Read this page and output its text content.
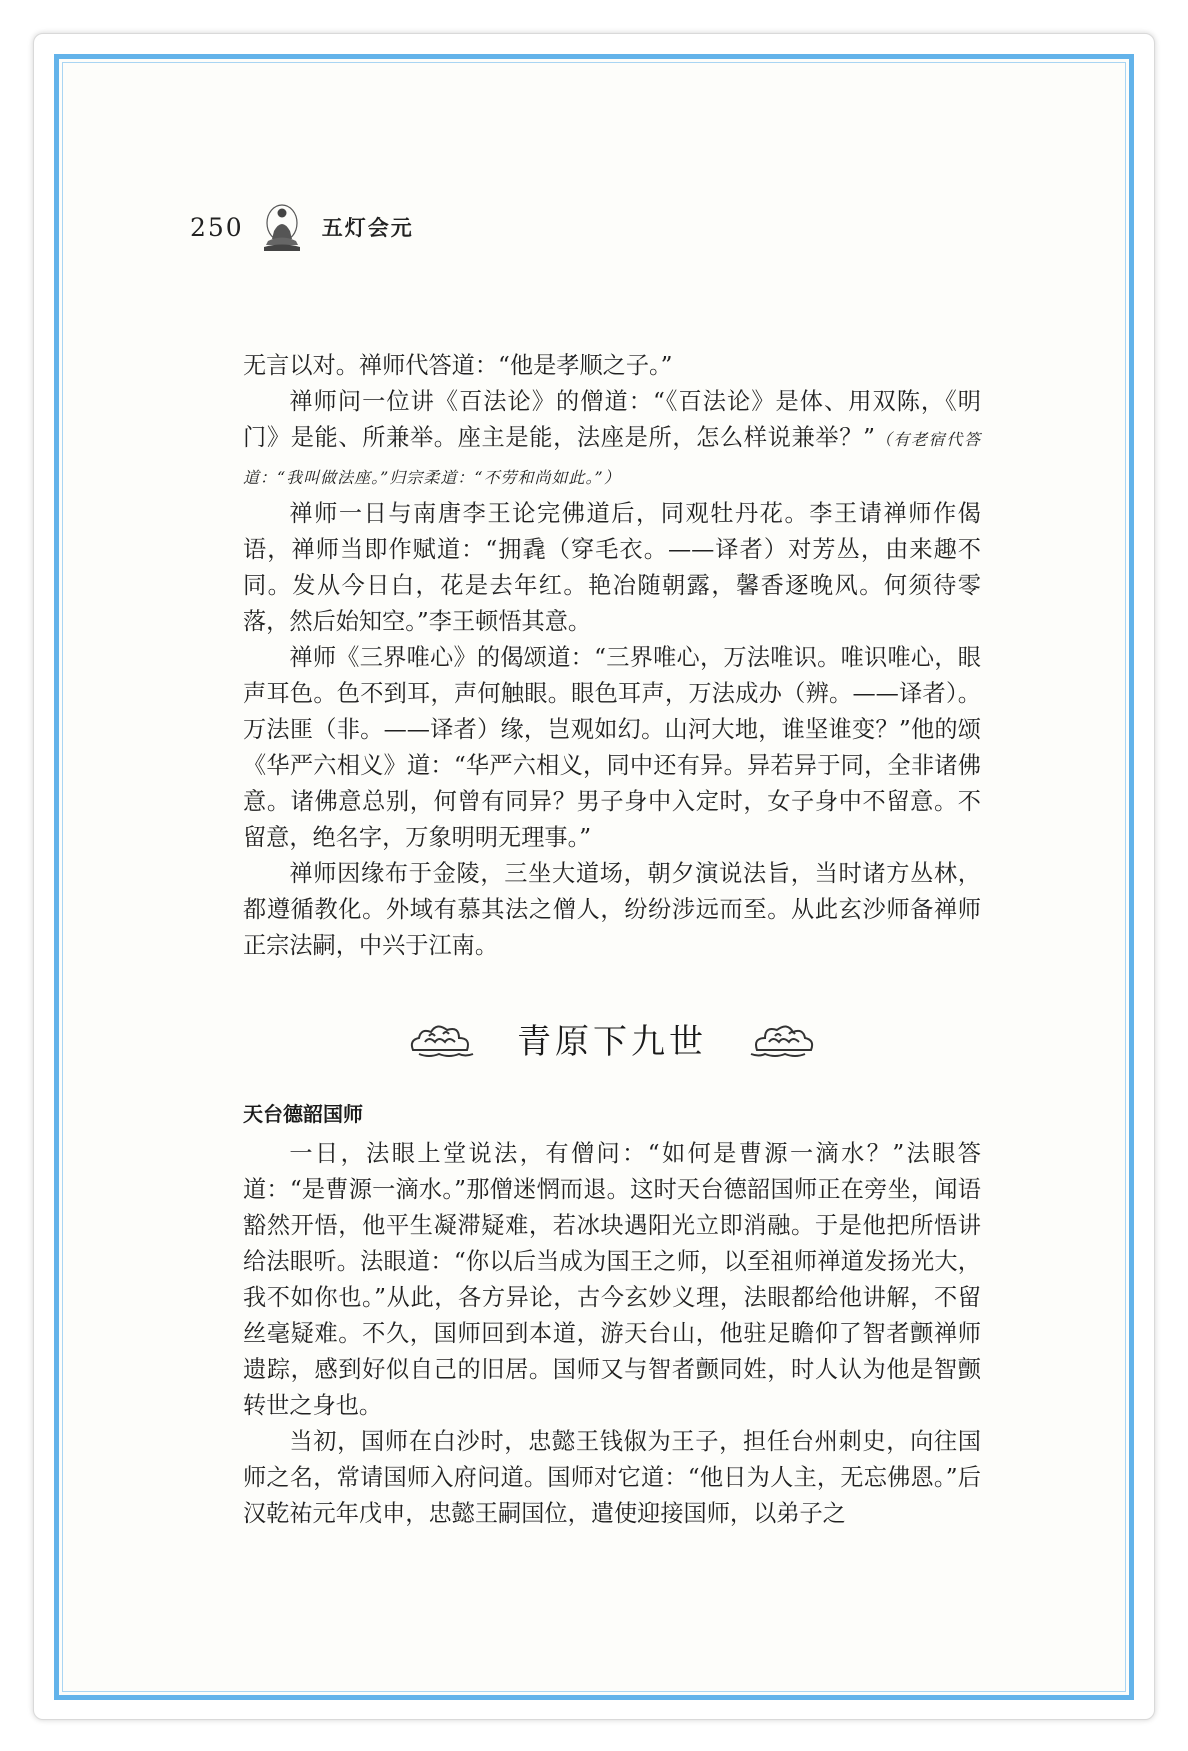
250	五灯会元

无言以对。禅师代答道：“他是孝顺之子。”

禅师问一位讲《百法论》的僧道：“《百法论》是体、用双陈，《明门》是能、所兼举。座主是能，法座是所，怎么样说兼举？”（有老宿代答道：“我叫做法座。”归宗柔道：“不劳和尚如此。”）

禅师一日与南唐李王论完佛道后，同观牡丹花。李王请禅师作偈语，禅师当即作赋道：“拥毳（穿毛衣。——译者）对芳丛，由来趣不同。发从今日白，花是去年红。艳冶随朝露，馨香逐晚风。何须待零落，然后始知空。”李王顿悟其意。

禅师《三界唯心》的偈颂道：“三界唯心，万法唯识。唯识唯心，眼声耳色。色不到耳，声何触眼。眼色耳声，万法成办（辨。——译者）。万法匪（非。——译者）缘，岂观如幻。山河大地，谁坚谁变？”他的颂《华严六相义》道：“华严六相义，同中还有异。异若异于同，全非诸佛意。诸佛意总别，何曾有同异？男子身中入定时，女子身中不留意。不留意，绝名字，万象明明无理事。”

禅师因缘布于金陵，三坐大道场，朝夕演说法旨，当时诸方丛林，都遵循教化。外域有慕其法之僧人，纷纷涉远而至。从此玄沙师备禅师正宗法嗣，中兴于江南。

青原下九世
天台德韶国师

一日，法眼上堂说法，有僧问：“如何是曹源一滴水？”法眼答道：“是曹源一滴水。”那僧迷惘而退。这时天台德韶国师正在旁坐，闻语豁然开悟，他平生凝滞疑难，若冰块遇阳光立即消融。于是他把所悟讲给法眼听。法眼道：“你以后当成为国王之师，以至祖师禅道发扬光大，我不如你也。”从此，各方异论，古今玄妙义理，法眼都给他讲解，不留丝毫疑难。不久，国师回到本道，游天台山，他驻足瞻仰了智者颤禅师遗踪，感到好似自己的旧居。国师又与智者颤同姓，时人认为他是智颤转世之身也。

当初，国师在白沙时，忠懿王钱俶为王子，担任台州刺史，向往国师之名，常请国师入府问道。国师对它道：“他日为人主，无忘佛恩。”后汉乾祐元年戊申，忠懿王嗣国位，遣使迎接国师，以弟子之
